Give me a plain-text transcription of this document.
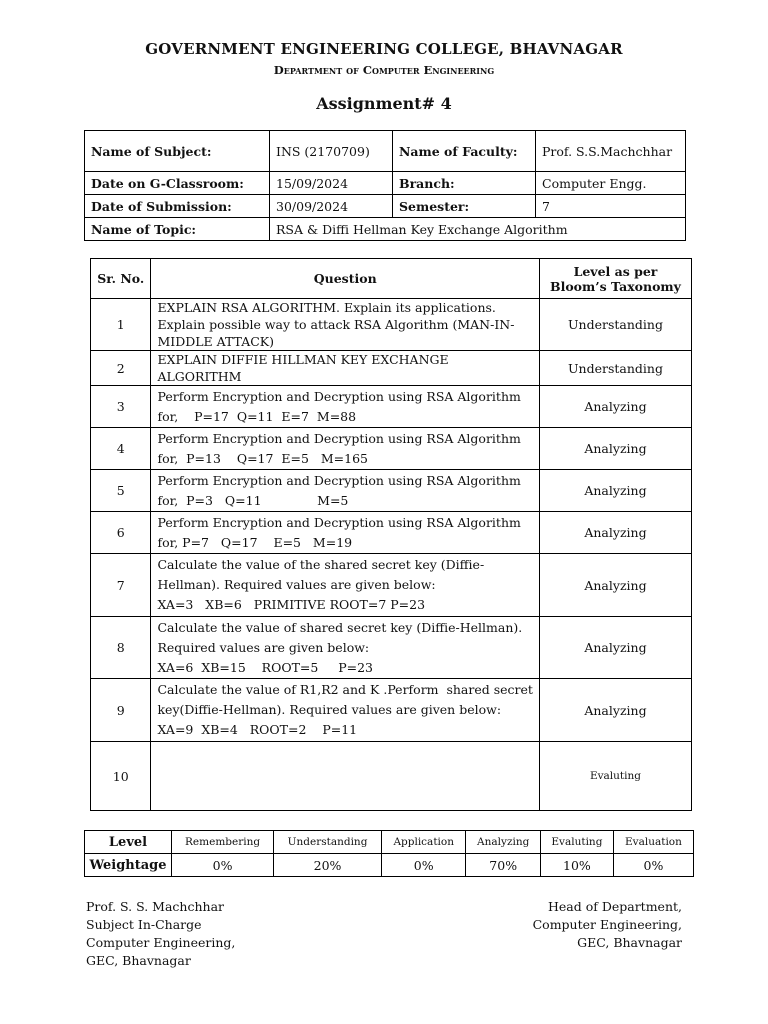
GOVERNMENT ENGINEERING COLLEGE, BHAVNAGAR
Department of Computer Engineering
Assignment# 4
Name of Subject:	INS (2170709)	Name of Faculty:	Prof. S.S.Machchhar
Date on G-Classroom:	15/09/2024	Branch:	Computer Engg.
Date of Submission:	30/09/2024	Semester:	7
Name of Topic:	RSA & Diffi Hellman Key Exchange Algorithm		
Sr. No.	Question	Level as per
Bloom’s Taxonomy

1	EXPLAIN RSA ALGORITHM. Explain its applications.
Explain possible way to attack RSA Algorithm (MAN-IN-
MIDDLE ATTACK)	Understanding
2	EXPLAIN DIFFIE HILLMAN KEY EXCHANGE ALGORITHM	Understanding
3	Perform Encryption and Decryption using RSA Algorithm
for,    P=17  Q=11  E=7  M=88	Analyzing
4	Perform Encryption and Decryption using RSA Algorithm
for,  P=13    Q=17  E=5   M=165	Analyzing
5	Perform Encryption and Decryption using RSA Algorithm
for,  P=3   Q=11              M=5	Analyzing
6	Perform Encryption and Decryption using RSA Algorithm
for, P=7   Q=17    E=5   M=19	Analyzing
7	Calculate the value of the shared secret key (Diffie-
Hellman). Required values are given below:
XA=3   XB=6   PRIMITIVE ROOT=7 P=23	Analyzing
8	Calculate the value of shared secret key (Diffie-Hellman).
Required values are given below:
XA=6  XB=15    ROOT=5     P=23	Analyzing
9	Calculate the value of R1,R2 and K .Perform  shared secret
key(Diffie-Hellman). Required values are given below:
XA=9  XB=4   ROOT=2    P=11	Analyzing
10		Evaluting
Level	Remembering	Understanding	Application	Analyzing	Evaluting	Evaluation
Weightage	0%	20%	0%	70%	10%	0%
Prof. S. S. Machchhar
Subject In-Charge
Computer Engineering,
GEC, Bhavnagar
Head of Department,
Computer Engineering,
GEC, Bhavnagar
